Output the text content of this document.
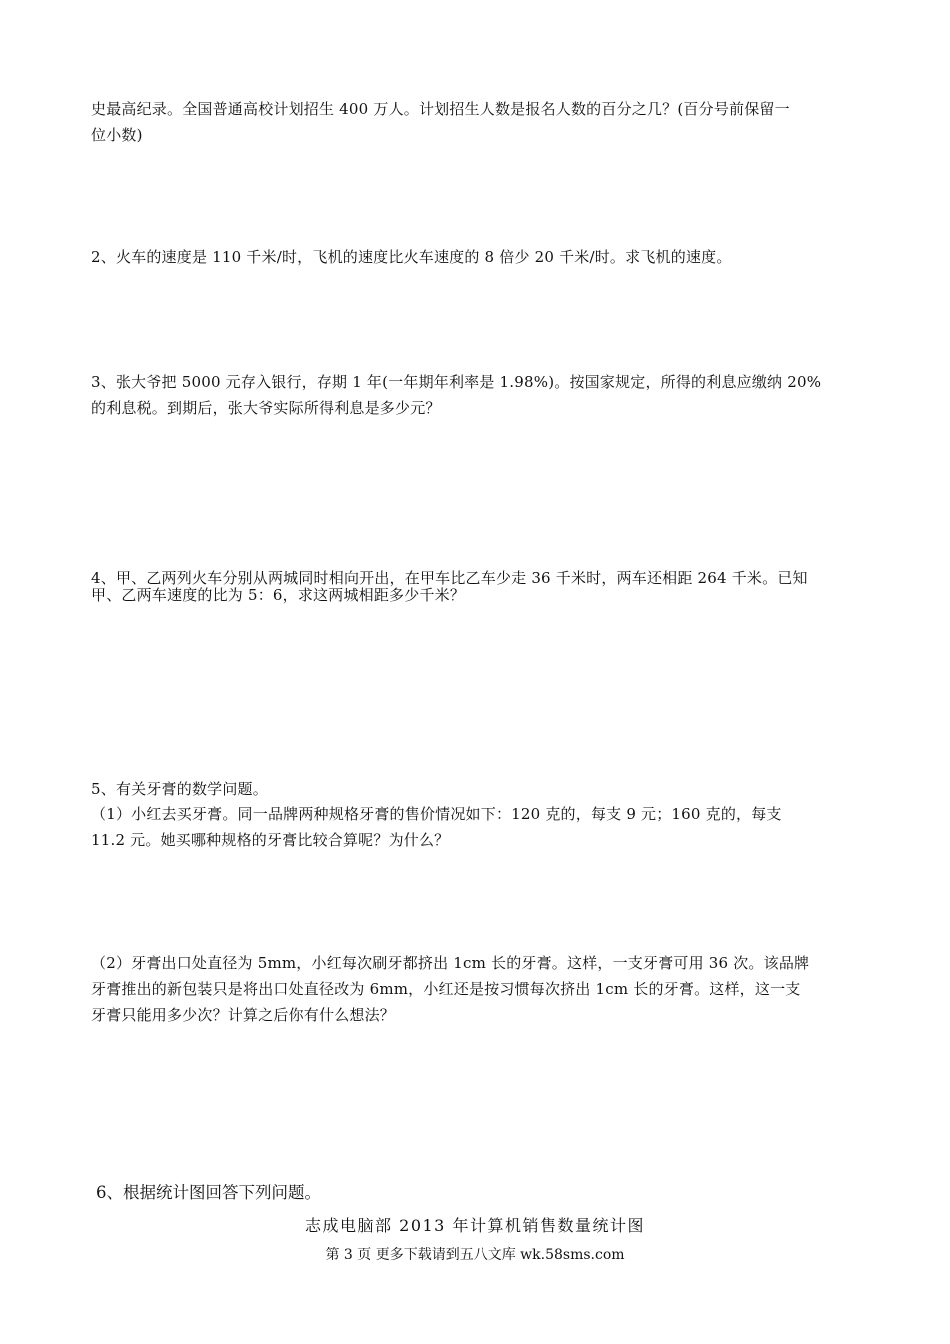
史最高纪录。全国普通高校计划招生 400 万人。计划招生人数是报名人数的百分之几？(百分号前保留一
位小数)
2、火车的速度是 110 千米/时，飞机的速度比火车速度的 8 倍少 20 千米/时。求飞机的速度。
3、张大爷把 5000 元存入银行，存期 1 年(一年期年利率是 1.98%)。按国家规定，所得的利息应缴纳 20%
的利息税。到期后，张大爷实际所得利息是多少元？
4、甲、乙两列火车分别从两城同时相向开出，在甲车比乙车少走 36 千米时，两车还相距 264 千米。已知
甲、乙两车速度的比为 5：6，求这两城相距多少千米？
5、有关牙膏的数学问题。
（1）小红去买牙膏。同一品牌两种规格牙膏的售价情况如下：120 克的，每支 9 元；160 克的，每支
11.2 元。她买哪种规格的牙膏比较合算呢？为什么？
（2）牙膏出口处直径为 5mm，小红每次刷牙都挤出 1cm 长的牙膏。这样，一支牙膏可用 36 次。该品牌
牙膏推出的新包装只是将出口处直径改为 6mm，小红还是按习惯每次挤出 1cm 长的牙膏。这样，这一支
牙膏只能用多少次？计算之后你有什么想法？
6、根据统计图回答下列问题。
志成电脑部 2013 年计算机销售数量统计图
第 3 页 更多下载请到五八文库 wk.58sms.com
